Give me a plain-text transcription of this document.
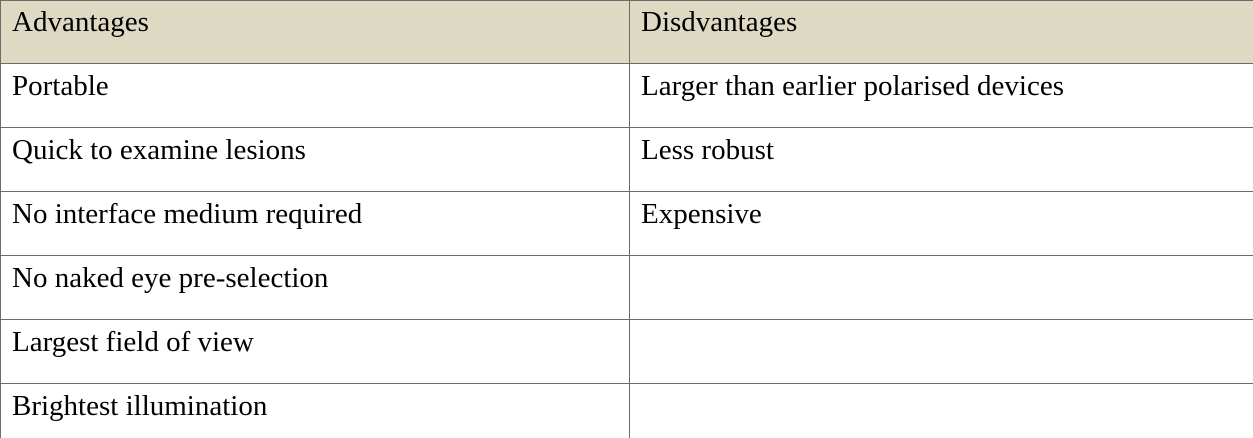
Advantages	Disdvantages
Portable	Larger than earlier polarised devices
Quick to examine lesions	Less robust
No interface medium required	Expensive
No naked eye pre-selection	
Largest field of view	
Brightest illumination	
